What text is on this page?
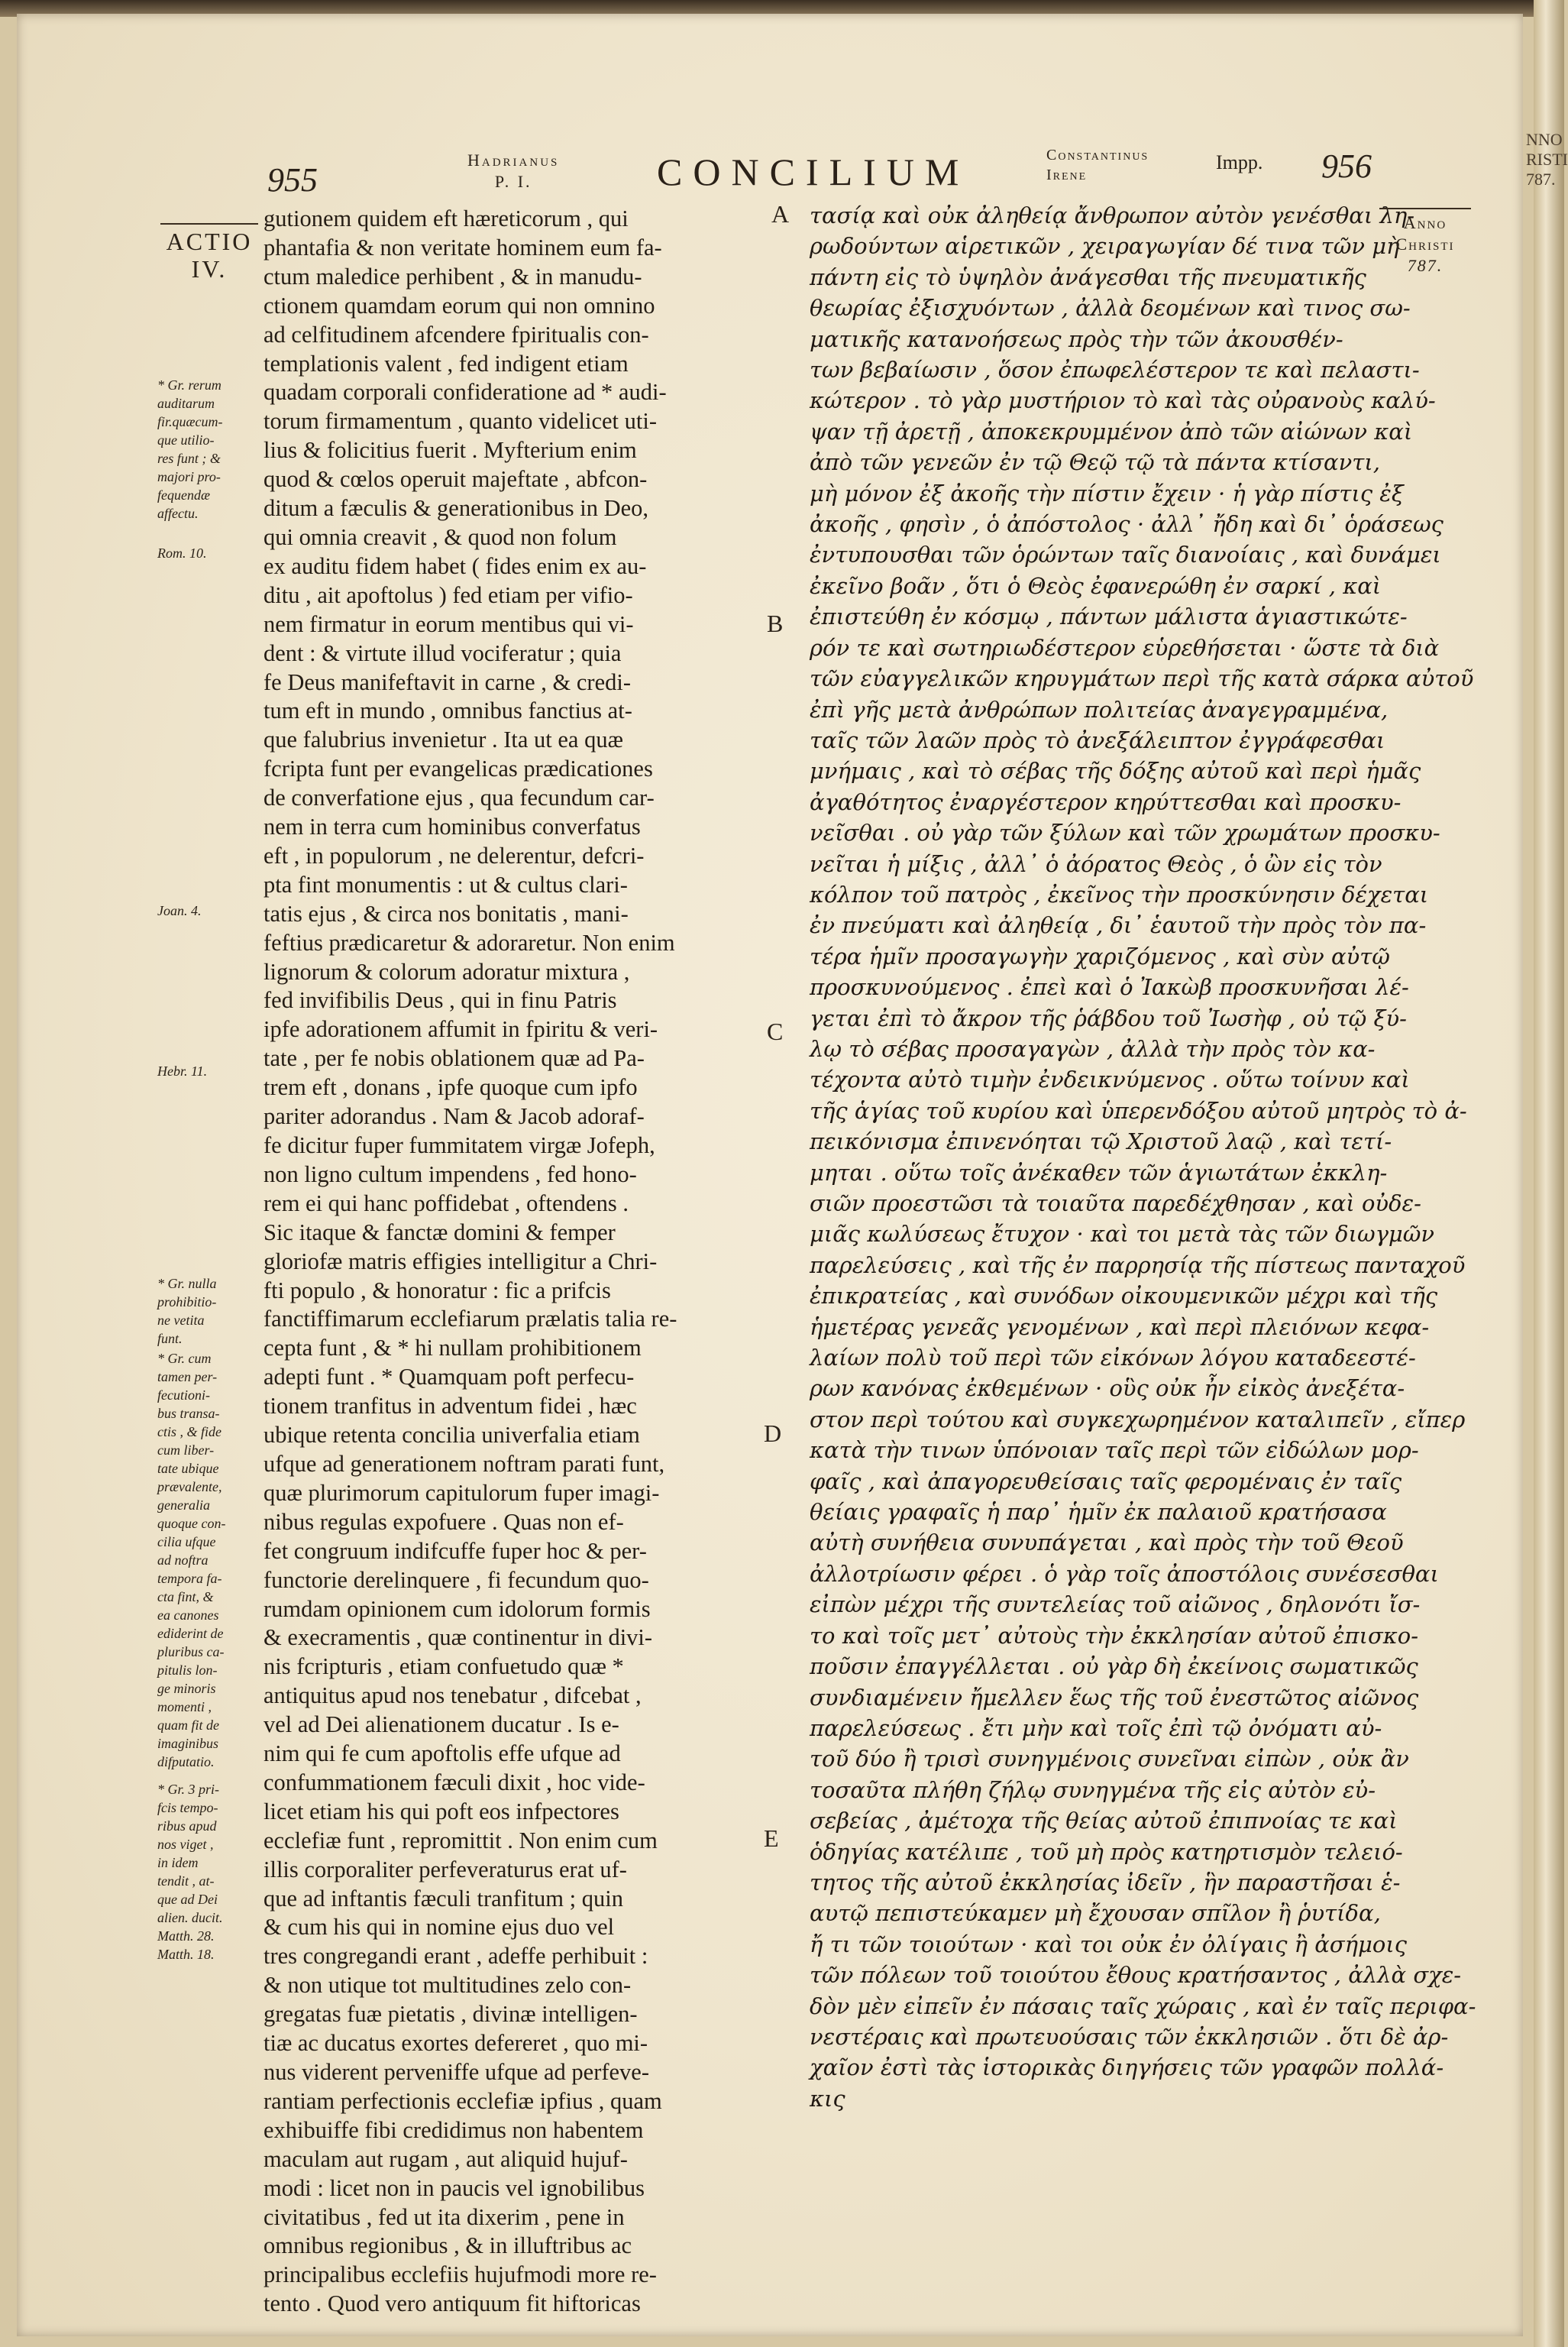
NNO
RISTI
787.
955
Hadrianus
P. I.	CONCILIUM	Constantinus
Irene
Impp. 956
ACTIO
IV.
* Gr. rerum
auditarum
fir.quæcum-
que utilio-
res funt ; &
majori pro-
fequendæ
affectu.
Rom. 10.
Joan. 4.
Hebr. 11.
* Gr. nulla
prohibitio-
ne vetita
funt.
* Gr. cum
tamen per-
fecutioni-
bus transa-
ctis , & fide
cum liber-
tate ubique
prævalente,
generalia
quoque con-
cilia ufque
ad noftra
tempora fa-
cta fint, &
ea canones
ediderint de
pluribus ca-
pitulis lon-
ge minoris
momenti ,
quam fit de
imaginibus
difputatio.
* Gr. 3 pri-
fcis tempo-
ribus apud
nos viget ,
in idem
tendit , at-
que ad Dei
alien. ducit.
Matth. 28.
Matth. 18.
gutionem quidem eft hæreticorum , qui
phantafia & non veritate hominem eum fa-
ctum maledice perhibent , & in manudu-
ctionem quamdam eorum qui non omnino
ad celfitudinem afcendere fpiritualis con-
templationis valent , fed indigent etiam
quadam corporali confideratione ad * audi-
torum firmamentum , quanto videlicet uti-
lius & folicitius fuerit . Myfterium enim
quod & cœlos operuit majeftate , abfcon-
ditum a fæculis & generationibus in Deo,
qui omnia creavit , & quod non folum
ex auditu fidem habet ( fides enim ex au-
ditu , ait apoftolus ) fed etiam per vifio-
nem firmatur in eorum mentibus qui vi-
dent : & virtute illud vociferatur ; quia
fe Deus manifeftavit in carne , & credi-
tum eft in mundo , omnibus fanctius at-
que falubrius invenietur . Ita ut ea quæ
fcripta funt per evangelicas prædicationes
de converfatione ejus , qua fecundum car-
nem in terra cum hominibus converfatus
eft , in populorum , ne delerentur, defcri-
pta fint monumentis : ut & cultus clari-
tatis ejus , & circa nos bonitatis , mani-
feftius prædicaretur & adoraretur. Non enim
lignorum & colorum adoratur mixtura ,
fed invifibilis Deus , qui in finu Patris
ipfe adorationem affumit in fpiritu & veri-
tate , per fe nobis oblationem quæ ad Pa-
trem eft , donans , ipfe quoque cum ipfo
pariter adorandus . Nam & Jacob adoraf-
fe dicitur fuper fummitatem virgæ Jofeph,
non ligno cultum impendens , fed hono-
rem ei qui hanc poffidebat , oftendens .
Sic itaque & fanctæ domini & femper
gloriofæ matris effigies intelligitur a Chri-
fti populo , & honoratur : fic a prifcis
fanctiffimarum ecclefiarum prælatis talia re-
cepta funt , & * hi nullam prohibitionem
adepti funt . * Quamquam poft perfecu-
tionem tranfitus in adventum fidei , hæc
ubique retenta concilia univerfalia etiam
ufque ad generationem noftram parati funt,
quæ plurimorum capitulorum fuper imagi-
nibus regulas expofuere . Quas non ef-
fet congruum indifcuffe fuper hoc & per-
functorie derelinquere , fi fecundum quo-
rumdam opinionem cum idolorum formis
& execramentis , quæ continentur in divi-
nis fcripturis , etiam confuetudo quæ *
antiquitus apud nos tenebatur , difcebat ,
vel ad Dei alienationem ducatur . Is e-
nim qui fe cum apoftolis effe ufque ad
confummationem fæculi dixit , hoc vide-
licet etiam his qui poft eos infpectores
ecclefiæ funt , repromittit . Non enim cum
illis corporaliter perfeveraturus erat uf-
que ad inftantis fæculi tranfitum ; quin
& cum his qui in nomine ejus duo vel
tres congregandi erant , adeffe perhibuit :
& non utique tot multitudines zelo con-
gregatas fuæ pietatis , divinæ intelligen-
tiæ ac ducatus exortes defereret , quo mi-
nus viderent perveniffe ufque ad perfeve-
rantiam perfectionis ecclefiæ ipfius , quam
exhibuiffe fibi credidimus non habentem
maculam aut rugam , aut aliquid hujuf-
modi : licet non in paucis vel ignobilibus
civitatibus , fed ut ita dixerim , pene in
omnibus regionibus , & in illuftribus ac
principalibus ecclefiis hujufmodi more re-
tento . Quod vero antiquum fit hiftoricas
A
B
C
D
E
τασίᾳ καὶ οὐκ ἀληθείᾳ ἄνθρωπον αὐτὸν γενέσθαι λη-
ρωδούντων αἱρετικῶν , χειραγωγίαν δέ τινα τῶν μὴ
πάντη εἰς τὸ ὑψηλὸν ἀνάγεσθαι τῆς πνευματικῆς
θεωρίας ἐξισχυόντων , ἀλλὰ δεομένων καὶ τινος σω-
ματικῆς κατανοήσεως πρὸς τὴν τῶν ἀκουσθέν-
των βεβαίωσιν , ὅσον ἐπωφελέστερον τε καὶ πελαστι-
κώτερον . τὸ γὰρ μυστήριον τὸ καὶ τὰς οὐρανοὺς καλύ-
ψαν τῇ ἀρετῇ , ἀποκεκρυμμένον ἀπὸ τῶν αἰώνων καὶ
ἀπὸ τῶν γενεῶν ἐν τῷ Θεῷ τῷ τὰ πάντα κτίσαντι,
μὴ μόνον ἐξ ἀκοῆς τὴν πίστιν ἔχειν · ἡ γὰρ πίστις ἐξ
ἀκοῆς , φησὶν , ὁ ἀπόστολος · ἀλλ᾽ ἤδη καὶ δι᾽ ὁράσεως
ἐντυπουσθαι τῶν ὁρώντων ταῖς διανοίαις , καὶ δυνάμει
ἐκεῖνο βοᾶν , ὅτι ὁ Θεὸς ἐφανερώθη ἐν σαρκί , καὶ
ἐπιστεύθη ἐν κόσμῳ , πάντων μάλιστα ἁγιαστικώτε-
ρόν τε καὶ σωτηριωδέστερον εὑρεθήσεται · ὥστε τὰ διὰ
τῶν εὐαγγελικῶν κηρυγμάτων περὶ τῆς κατὰ σάρκα αὐτοῦ
ἐπὶ γῆς μετὰ ἀνθρώπων πολιτείας ἀναγεγραμμένα,
ταῖς τῶν λαῶν πρὸς τὸ ἀνεξάλειπτον ἐγγράφεσθαι
μνήμαις , καὶ τὸ σέβας τῆς δόξης αὐτοῦ καὶ περὶ ἡμᾶς
ἀγαθότητος ἐναργέστερον κηρύττεσθαι καὶ προσκυ-
νεῖσθαι . οὐ γὰρ τῶν ξύλων καὶ τῶν χρωμάτων προσκυ-
νεῖται ἡ μίξις , ἀλλ᾽ ὁ ἀόρατος Θεὸς , ὁ ὢν εἰς τὸν
κόλπον τοῦ πατρὸς , ἐκεῖνος τὴν προσκύνησιν δέχεται
ἐν πνεύματι καὶ ἀληθείᾳ , δι᾽ ἑαυτοῦ τὴν πρὸς τὸν πα-
τέρα ἡμῖν προσαγωγὴν χαριζόμενος , καὶ σὺν αὐτῷ
προσκυνούμενος . ἐπεὶ καὶ ὁ Ἰακὼβ προσκυνῆσαι λέ-
γεται ἐπὶ τὸ ἄκρον τῆς ῥάβδου τοῦ Ἰωσὴφ , οὐ τῷ ξύ-
λῳ τὸ σέβας προσαγαγὼν , ἀλλὰ τὴν πρὸς τὸν κα-
τέχοντα αὐτὸ τιμὴν ἐνδεικνύμενος . οὕτω τοίνυν καὶ
τῆς ἁγίας τοῦ κυρίου καὶ ὑπερενδόξου αὐτοῦ μητρὸς τὸ ἀ-
πεικόνισμα ἐπινενόηται τῷ Χριστοῦ λαῷ , καὶ τετί-
μηται . οὕτω τοῖς ἀνέκαθεν τῶν ἁγιωτάτων ἐκκλη-
σιῶν προεστῶσι τὰ τοιαῦτα παρεδέχθησαν , καὶ οὐδε-
μιᾶς κωλύσεως ἔτυχον · καὶ τοι μετὰ τὰς τῶν διωγμῶν
παρελεύσεις , καὶ τῆς ἐν παρρησίᾳ τῆς πίστεως πανταχοῦ
ἐπικρατείας , καὶ συνόδων οἰκουμενικῶν μέχρι καὶ τῆς
ἡμετέρας γενεᾶς γενομένων , καὶ περὶ πλειόνων κεφα-
λαίων πολὺ τοῦ περὶ τῶν εἰκόνων λόγου καταδεεστέ-
ρων κανόνας ἐκθεμένων · οὓς οὐκ ἦν εἰκὸς ἀνεξέτα-
στον περὶ τούτου καὶ συγκεχωρημένον καταλιπεῖν , εἴπερ
κατὰ τὴν τινων ὑπόνοιαν ταῖς περὶ τῶν εἰδώλων μορ-
φαῖς , καὶ ἀπαγορευθείσαις ταῖς φερομέναις ἐν ταῖς
θείαις γραφαῖς ἡ παρ᾽ ἡμῖν ἐκ παλαιοῦ κρατήσασα
αὐτὴ συνήθεια συνυπάγεται , καὶ πρὸς τὴν τοῦ Θεοῦ
ἀλλοτρίωσιν φέρει . ὁ γὰρ τοῖς ἀποστόλοις συνέσεσθαι
εἰπὼν μέχρι τῆς συντελείας τοῦ αἰῶνος , δηλονότι ἴσ-
το καὶ τοῖς μετ᾽ αὐτοὺς τὴν ἐκκλησίαν αὐτοῦ ἐπισκο-
ποῦσιν ἐπαγγέλλεται . οὐ γὰρ δὴ ἐκείνοις σωματικῶς
συνδιαμένειν ἤμελλεν ἕως τῆς τοῦ ἐνεστῶτος αἰῶνος
παρελεύσεως . ἔτι μὴν καὶ τοῖς ἐπὶ τῷ ὀνόματι αὐ-
τοῦ δύο ἢ τρισὶ συνηγμένοις συνεῖναι εἰπὼν , οὐκ ἂν
τοσαῦτα πλήθη ζήλῳ συνηγμένα τῆς εἰς αὐτὸν εὐ-
σεβείας , ἀμέτοχα τῆς θείας αὐτοῦ ἐπιπνοίας τε καὶ
ὁδηγίας κατέλιπε , τοῦ μὴ πρὸς κατηρτισμὸν τελειό-
τητος τῆς αὐτοῦ ἐκκλησίας ἰδεῖν , ἣν παραστῆσαι ἑ-
αυτῷ πεπιστεύκαμεν μὴ ἔχουσαν σπῖλον ἢ ῥυτίδα,
ἤ τι τῶν τοιούτων · καὶ τοι οὐκ ἐν ὀλίγαις ἢ ἀσήμοις
τῶν πόλεων τοῦ τοιούτου ἔθους κρατήσαντος , ἀλλὰ σχε-
δὸν μὲν εἰπεῖν ἐν πάσαις ταῖς χώραις , καὶ ἐν ταῖς περιφα-
νεστέραις καὶ πρωτευούσαις τῶν ἐκκλησιῶν . ὅτι δὲ ἀρ-
χαῖον ἐστὶ τὰς ἱστορικὰς διηγήσεις τῶν γραφῶν πολλά-
κις
Anno
Christi
787.
